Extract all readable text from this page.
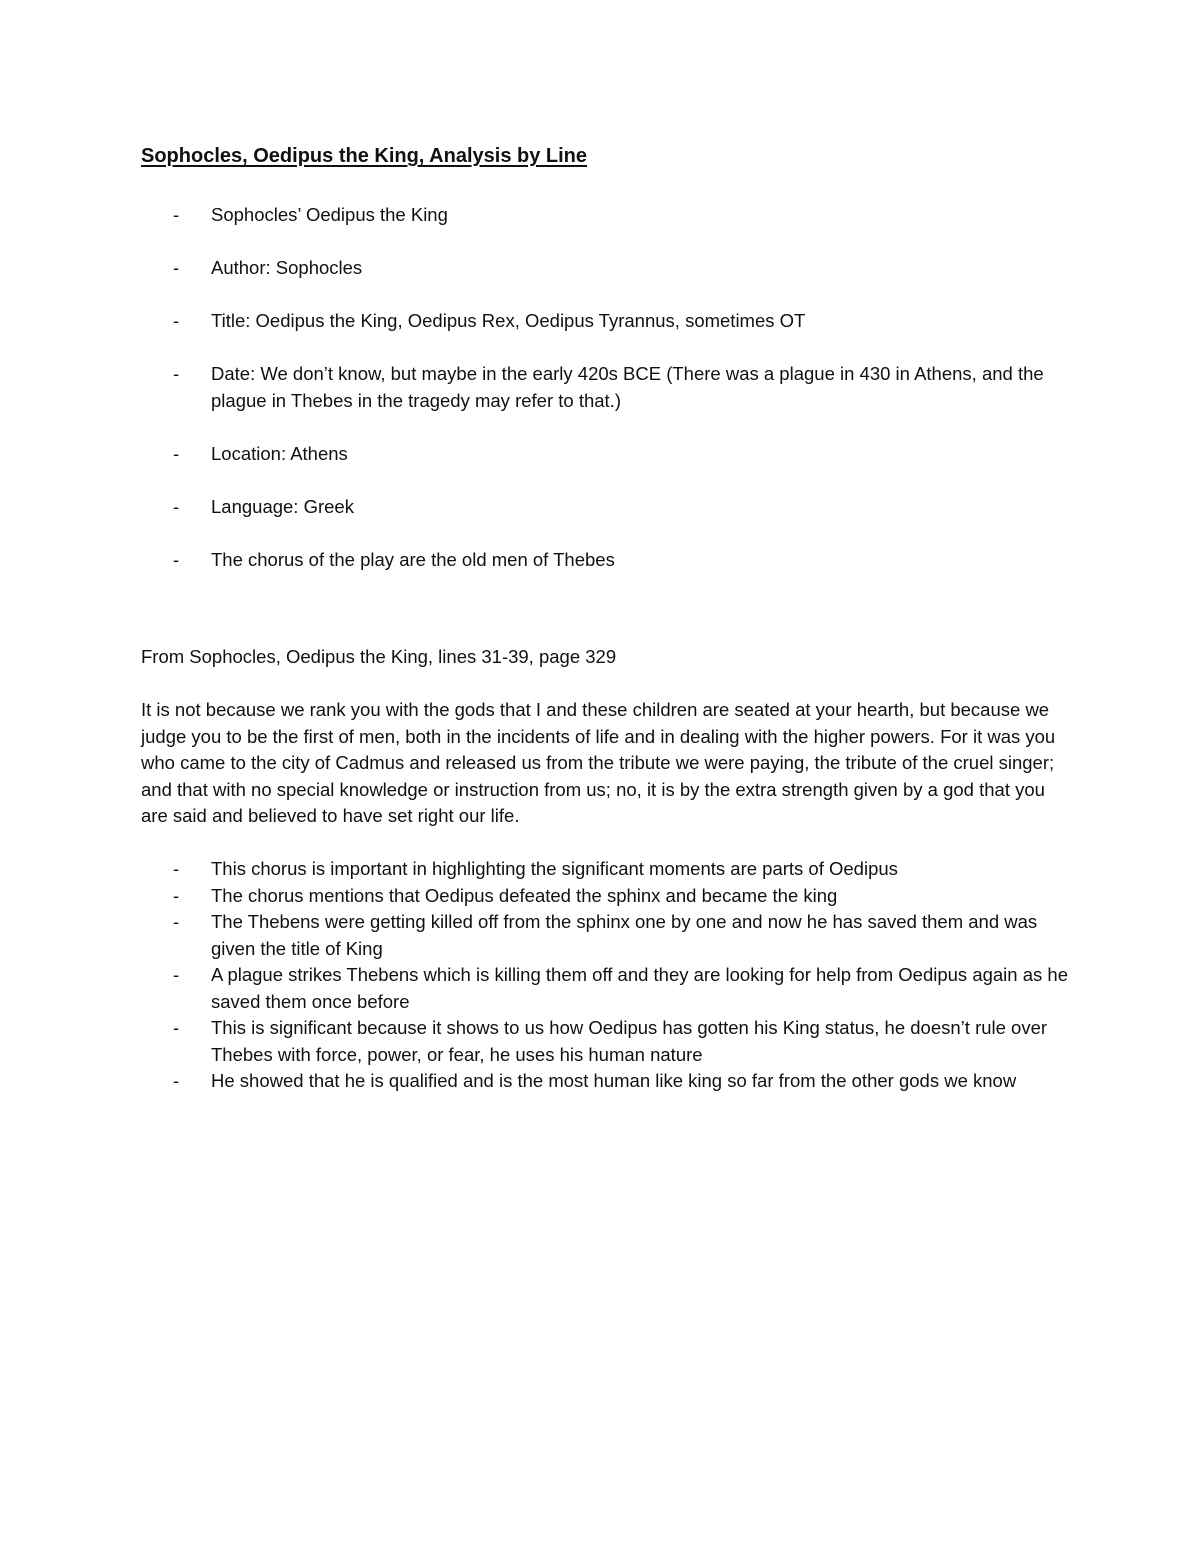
Sophocles, Oedipus the King, Analysis by Line
- Sophocles’ Oedipus the King
- Author: Sophocles
- Title: Oedipus the King, Oedipus Rex, Oedipus Tyrannus, sometimes OT
- Date: We don’t know, but maybe in the early 420s BCE (There was a plague in 430 in Athens, and the plague in Thebes in the tragedy may refer to that.)
- Location: Athens
- Language: Greek
- The chorus of the play are the old men of Thebes
From Sophocles, Oedipus the King, lines 31-39, page 329

It is not because we rank you with the gods that I and these children are seated at your hearth, but because we judge you to be the first of men, both in the incidents of life and in dealing with the higher powers. For it was you who came to the city of Cadmus and released us from the tribute we were paying, the tribute of the cruel singer; and that with no special knowledge or instruction from us; no, it is by the extra strength given by a god that you are said and believed to have set right our life.

- This chorus is important in highlighting the significant moments are parts of Oedipus
- The chorus mentions that Oedipus defeated the sphinx and became the king
- The Thebens were getting killed off from the sphinx one by one and now he has saved them and was given the title of King
- A plague strikes Thebens which is killing them off and they are looking for help from Oedipus again as he saved them once before
- This is significant because it shows to us how Oedipus has gotten his King status, he doesn’t rule over Thebes with force, power, or fear, he uses his human nature
- He showed that he is qualified and is the most human like king so far from the other gods we know
